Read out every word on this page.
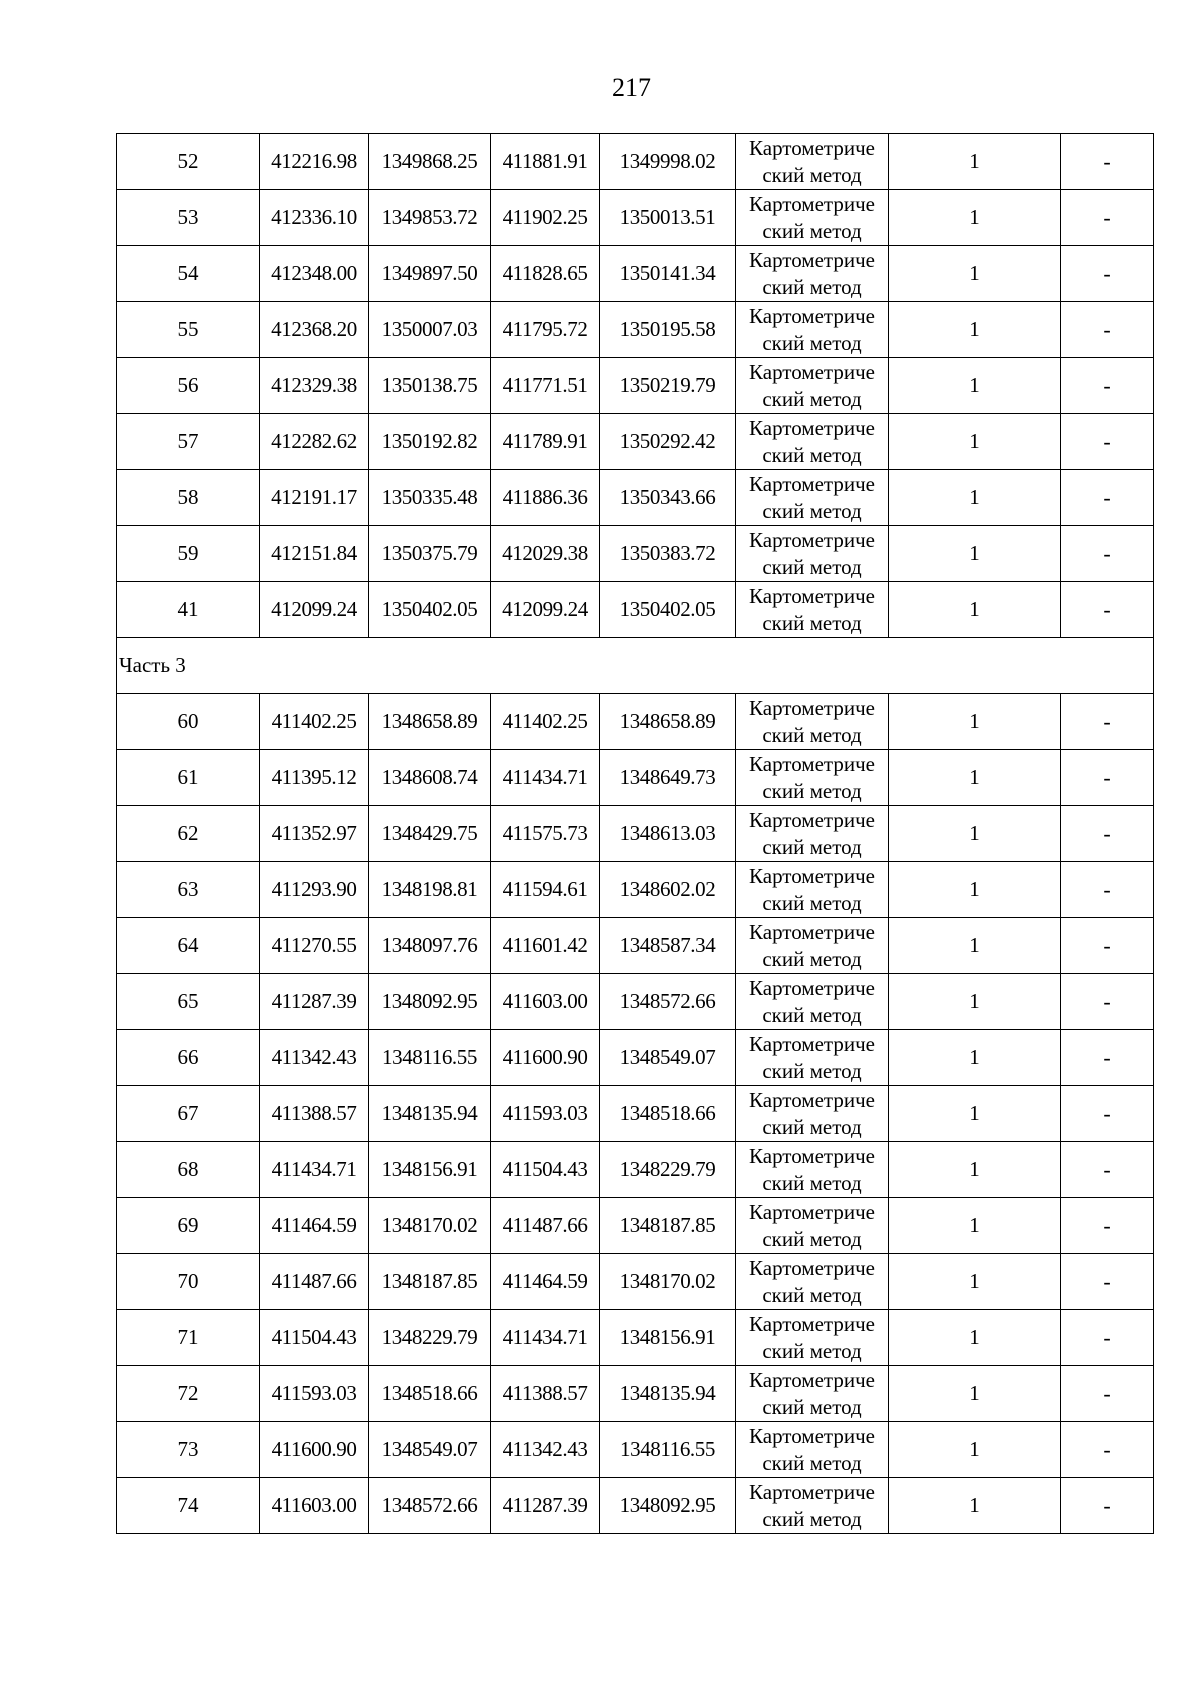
217
52	412216.98	1349868.25	411881.91	1349998.02	Картометриче
ский метод	1	-
53	412336.10	1349853.72	411902.25	1350013.51	Картометриче
ский метод	1	-
54	412348.00	1349897.50	411828.65	1350141.34	Картометриче
ский метод	1	-
55	412368.20	1350007.03	411795.72	1350195.58	Картометриче
ский метод	1	-
56	412329.38	1350138.75	411771.51	1350219.79	Картометриче
ский метод	1	-
57	412282.62	1350192.82	411789.91	1350292.42	Картометриче
ский метод	1	-
58	412191.17	1350335.48	411886.36	1350343.66	Картометриче
ский метод	1	-
59	412151.84	1350375.79	412029.38	1350383.72	Картометриче
ский метод	1	-
41	412099.24	1350402.05	412099.24	1350402.05	Картометриче
ский метод	1	-
Часть 3							
60	411402.25	1348658.89	411402.25	1348658.89	Картометриче
ский метод	1	-
61	411395.12	1348608.74	411434.71	1348649.73	Картометриче
ский метод	1	-
62	411352.97	1348429.75	411575.73	1348613.03	Картометриче
ский метод	1	-
63	411293.90	1348198.81	411594.61	1348602.02	Картометриче
ский метод	1	-
64	411270.55	1348097.76	411601.42	1348587.34	Картометриче
ский метод	1	-
65	411287.39	1348092.95	411603.00	1348572.66	Картометриче
ский метод	1	-
66	411342.43	1348116.55	411600.90	1348549.07	Картометриче
ский метод	1	-
67	411388.57	1348135.94	411593.03	1348518.66	Картометриче
ский метод	1	-
68	411434.71	1348156.91	411504.43	1348229.79	Картометриче
ский метод	1	-
69	411464.59	1348170.02	411487.66	1348187.85	Картометриче
ский метод	1	-
70	411487.66	1348187.85	411464.59	1348170.02	Картометриче
ский метод	1	-
71	411504.43	1348229.79	411434.71	1348156.91	Картометриче
ский метод	1	-
72	411593.03	1348518.66	411388.57	1348135.94	Картометриче
ский метод	1	-
73	411600.90	1348549.07	411342.43	1348116.55	Картометриче
ский метод	1	-
74	411603.00	1348572.66	411287.39	1348092.95	Картометриче
ский метод	1	-
